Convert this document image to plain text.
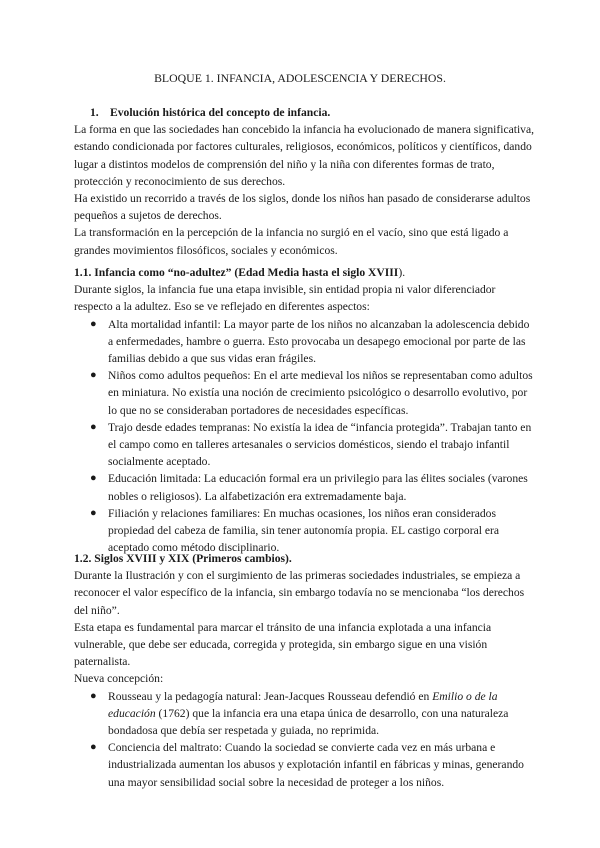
BLOQUE 1. INFANCIA, ADOLESCENCIA Y DERECHOS.
1. Evolución histórica del concepto de infancia.

La forma en que las sociedades han concebido la infancia ha evolucionado de manera significativa, estando condicionada por factores culturales, religiosos, económicos, políticos y científicos, dando lugar a distintos modelos de comprensión del niño y la niña con diferentes formas de trato, protección y reconocimiento de sus derechos.

Ha existido un recorrido a través de los siglos, donde los niños han pasado de considerarse adultos pequeños a sujetos de derechos.

La transformación en la percepción de la infancia no surgió en el vacío, sino que está ligado a grandes movimientos filosóficos, sociales y económicos.

1.1. Infancia como “no-adultez” (Edad Media hasta el siglo XVIII).

Durante siglos, la infancia fue una etapa invisible, sin entidad propia ni valor diferenciador respecto a la adultez. Eso se ve reflejado en diferentes aspectos:

● Alta mortalidad infantil: La mayor parte de los niños no alcanzaban la adolescencia debido a enfermedades, hambre o guerra. Esto provocaba un desapego emocional por parte de las familias debido a que sus vidas eran frágiles.
● Niños como adultos pequeños: En el arte medieval los niños se representaban como adultos en miniatura. No existía una noción de crecimiento psicológico o desarrollo evolutivo, por lo que no se consideraban portadores de necesidades específicas.
● Trajo desde edades tempranas: No existía la idea de “infancia protegida”. Trabajan tanto en el campo como en talleres artesanales o servicios domésticos, siendo el trabajo infantil socialmente aceptado.
● Educación limitada: La educación formal era un privilegio para las élites sociales (varones nobles o religiosos). La alfabetización era extremadamente baja.
● Filiación y relaciones familiares: En muchas ocasiones, los niños eran considerados propiedad del cabeza de familia, sin tener autonomía propia. EL castigo corporal era aceptado como método disciplinario.
1.2. Siglos XVIII y XIX (Primeros cambios).

Durante la Ilustración y con el surgimiento de las primeras sociedades industriales, se empieza a reconocer el valor específico de la infancia, sin embargo todavía no se mencionaba “los derechos del niño”.

Esta etapa es fundamental para marcar el tránsito de una infancia explotada a una infancia vulnerable, que debe ser educada, corregida y protegida, sin embargo sigue en una visión paternalista.

Nueva concepción:

● Rousseau y la pedagogía natural: Jean-Jacques Rousseau defendió en Emilio o de la educación (1762) que la infancia era una etapa única de desarrollo, con una naturaleza bondadosa que debía ser respetada y guiada, no reprimida.
● Conciencia del maltrato: Cuando la sociedad se convierte cada vez en más urbana e industrializada aumentan los abusos y explotación infantil en fábricas y minas, generando una mayor sensibilidad social sobre la necesidad de proteger a los niños.
